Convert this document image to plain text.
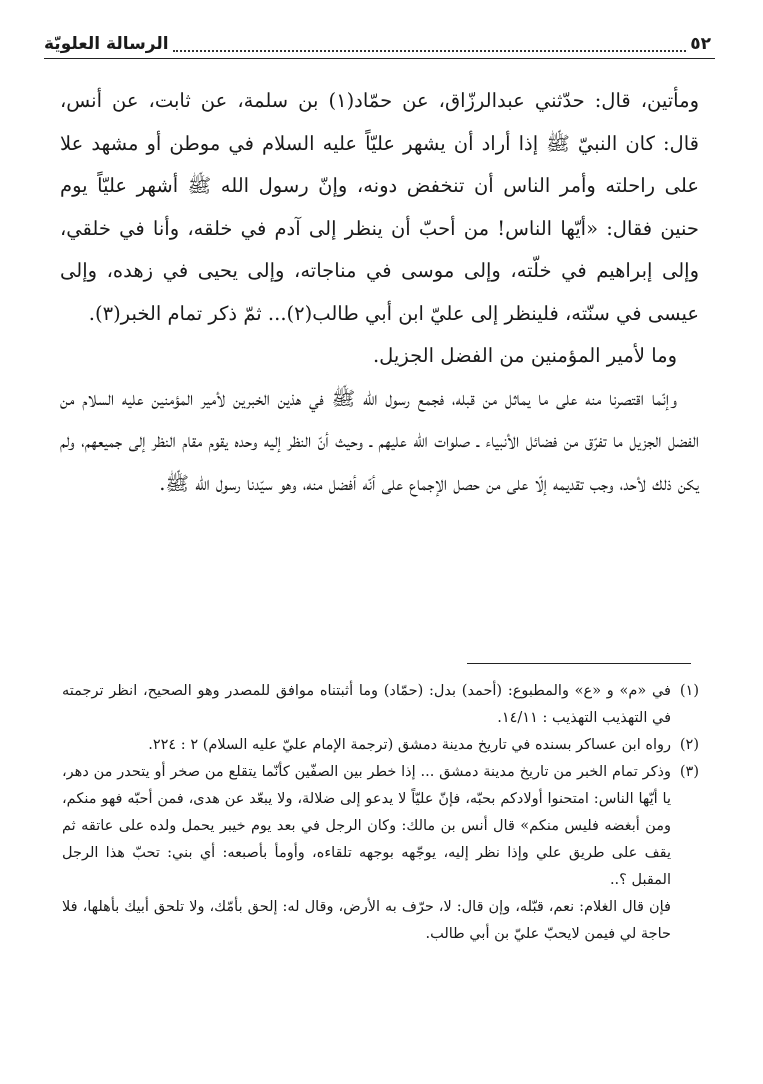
٥٢
الرسالة العلويّة

ومأتين، قال: حدّثني عبدالرزّاق، عن حمّاد(١) بن سلمة، عن ثابت، عن أنس، قال: كان النبيّ ﷺ إذا أراد أن يشهر عليّاً عليه السلام في موطن أو مشهد علا على راحلته وأمر الناس أن تنخفض دونه، وإنّ رسول الله ﷺ أشهر عليّاً يوم حنين فقال: «أيّها الناس! من أحبّ أن ينظر إلى آدم في خلقه، وأنا في خلقي، وإلى إبراهيم في خلّته، وإلى موسى في مناجاته، وإلى يحيى في زهده، وإلى عيسى في سنّته، فلينظر إلى عليّ ابن أبي طالب(٢)... ثمّ ذكر تمام الخبر(٣).

وما لأمير المؤمنين من الفضل الجزيل.

وإنّما اقتصرنا منه على ما يماثل من قبله، فجمع رسول الله ﷺ في هذين الخبرين لأمير المؤمنين عليه السلام من الفضل الجزيل ما تفرّق من فضائل الأنبياء ـ صلوات الله عليهم ـ وحيث أنّ النظر إليه وحده يقوم مقام النظر إلى جميعهم، ولم يكن ذلك لأحد، وجب تقديمه إلّا على من حصل الإجماع على أنّه أفضل منه، وهو سيّدنا رسول الله ﷺ.

(١)

في «م» و «ع» والمطبوع: (أحمد) بدل: (حمّاد) وما أثبتناه موافق للمصدر وهو الصحيح، انظر ترجمته في التهذيب التهذيب : ١٤/١١.

(٢)

رواه ابن عساكر بسنده في تاريخ مدينة دمشق (ترجمة الإمام عليّ عليه السلام) ٢ : ٢٢٤.

(٣)

وذكر تمام الخبر من تاريخ مدينة دمشق ... إذا خطر بين الصفّين كأنّما يتقلع من صخر أو يتحدر من دهر، يا أيّها الناس: امتحنوا أولادكم بحبّه، فإنّ عليّاً لا يدعو إلى ضلالة، ولا يبعّد عن هدى، فمن أحبّه فهو منكم، ومن أبغضه فليس منكم» قال أنس بن مالك: وكان الرجل في بعد يوم خيبر يحمل ولده على عاتقه ثم يقف على طريق علي وإذا نظر إليه، يوجّهه بوجهه تلقاءه، وأومأ بأصبعه: أي بني: تحبّ هذا الرجل المقبل ؟..

فإن قال الغلام: نعم، قبّله، وإن قال: لا، حرّف به الأرض، وقال له: إلحق بأمّك، ولا تلحق أبيك بأهلها، فلا حاجة لي فيمن لايحبّ عليّ بن أبي طالب.
